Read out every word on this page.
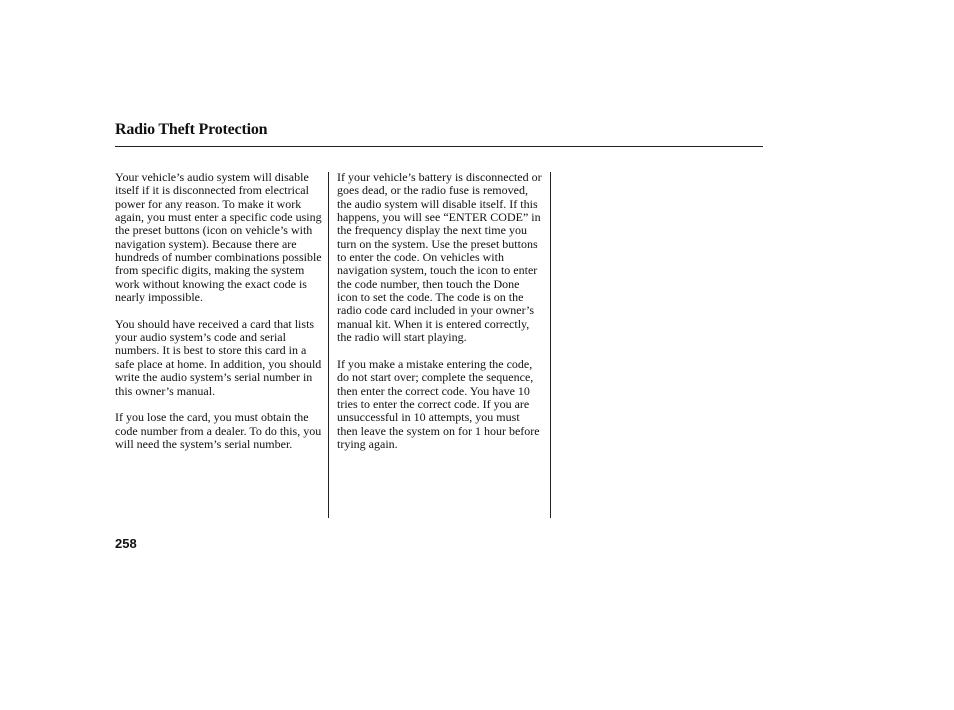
Radio Theft Protection

Your vehicle’s audio system will disable itself if it is disconnected from electrical power for any reason. To make it work again, you must enter a specific code using the preset buttons (icon on vehicle’s with navigation system). Because there are hundreds of number combinations possible from specific digits, making the system work without knowing the exact code is nearly impossible.

You should have received a card that lists your audio system’s code and serial numbers. It is best to store this card in a safe place at home. In addition, you should write the audio system’s serial number in this owner’s manual.

If you lose the card, you must obtain the code number from a dealer. To do this, you will need the system’s serial number.

If your vehicle’s battery is disconnected or goes dead, or the radio fuse is removed, the audio system will disable itself. If this happens, you will see “ENTER CODE” in the frequency display the next time you turn on the system. Use the preset buttons to enter the code. On vehicles with navigation system, touch the icon to enter the code number, then touch the Done icon to set the code. The code is on the radio code card included in your owner’s manual kit. When it is entered correctly, the radio will start playing.

If you make a mistake entering the code, do not start over; complete the sequence, then enter the correct code. You have 10 tries to enter the correct code. If you are unsuccessful in 10 attempts, you must then leave the system on for 1 hour before trying again.

258
